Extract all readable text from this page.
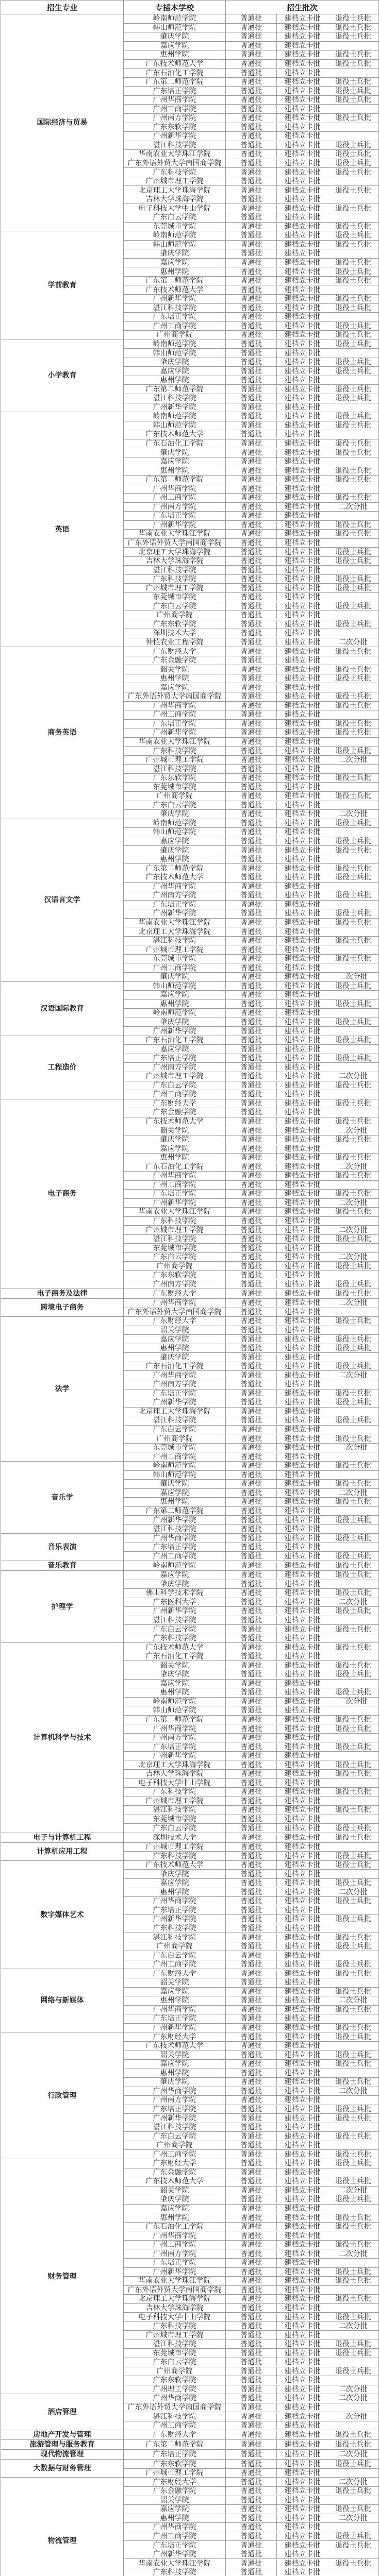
招生专业	专插本学校	招生批次
国际经济与贸易	岭南师范学院	普通批 建档立卡批 退役士兵批

	韩山师范学院	普通批 建档立卡批 退役士兵批

	肇庆学院	普通批 建档立卡批 退役士兵批

	嘉应学院	普通批 建档立卡批

	惠州学院	普通批 建档立卡批 退役士兵批

	广东技术师范大学	普通批 建档立卡批 退役士兵批

	广东石油化工学院	普通批 建档立卡批

	广东第二师范学院	普通批 建档立卡批 退役士兵批

	广东培正学院	普通批 建档立卡批 退役士兵批

	广州华商学院	普通批 建档立卡批 退役士兵批

	广州工商学院	普通批 建档立卡批

	广州南方学院	普通批 建档立卡批 退役士兵批

	广东东软学院	普通批 建档立卡批

	广州新华学院	普通批 建档立卡批

	湛江科技学院	普通批 建档立卡批 退役士兵批

	华南农业大学珠江学院	普通批 建档立卡批 退役士兵批

	广东外语外贸大学南国商学院	普通批 建档立卡批 退役士兵批

	广东科技学院	普通批 建档立卡批 退役士兵批

	广州城市理工学院	普通批 建档立卡批

	北京理工大学珠海学院	普通批 建档立卡批 退役士兵批

	吉林大学珠海学院	普通批 建档立卡批

	电子科技大学中山学院	普通批 建档立卡批 退役士兵批

	广东白云学院	普通批 建档立卡批

	东莞城市学院	普通批 建档立卡批 退役士兵批

学前教育	岭南师范学院	普通批 建档立卡批 退役士兵批

	韩山师范学院	普通批 建档立卡批 退役士兵批

	肇庆学院	普通批 建档立卡批

	嘉应学院	普通批 建档立卡批 退役士兵批

	惠州学院	普通批 建档立卡批 退役士兵批

	广东第二师范学院	普通批 建档立卡批 退役士兵批

	广东技术师范大学	普通批 建档立卡批

	广州新华学院	普通批 建档立卡批 退役士兵批

	湛江科技学院	普通批 建档立卡批 退役士兵批

	广东培正学院	普通批 建档立卡批

	广州工商学院	普通批 建档立卡批 退役士兵批

	广州商学院	普通批 建档立卡批 退役士兵批

小学教育	岭南师范学院	普通批 建档立卡批 退役士兵批

	韩山师范学院	普通批 建档立卡批

	肇庆学院	普通批 建档立卡批 退役士兵批

	嘉应学院	普通批 建档立卡批 退役士兵批

	惠州学院	普通批 建档立卡批

	广东第二师范学院	普通批 建档立卡批 退役士兵批

	湛江科技学院	普通批 建档立卡批 退役士兵批

	广州新华学院	普通批 建档立卡批

英语	岭南师范学院	普通批 建档立卡批 退役士兵批

	韩山师范学院	普通批 建档立卡批 退役士兵批

	广东技术师范大学	普通批 建档立卡批

	广东石油化工学院	普通批 建档立卡批 退役士兵批

	肇庆学院	普通批 建档立卡批 退役士兵批

	嘉应学院	普通批 建档立卡批

	惠州学院	普通批 建档立卡批 退役士兵批

	广东第二师范学院	普通批 建档立卡批 退役士兵批

	广州华商学院	普通批 建档立卡批

	广州工商学院	普通批 建档立卡批 退役士兵批

	广州南方学院	普通批 建档立卡批 二次分批

	广东培正学院	普通批 建档立卡批

	广州新华学院	普通批 建档立卡批 退役士兵批

	华南农业大学珠江学院	普通批 建档立卡批 退役士兵批

	广东外语外贸大学南国商学院	普通批 建档立卡批

	北京理工大学珠海学院	普通批 建档立卡批 退役士兵批

	吉林大学珠海学院	普通批 建档立卡批 退役士兵批

	湛江科技学院	普通批 建档立卡批

	广东科技学院	普通批 建档立卡批 退役士兵批

	广州城市理工学院	普通批 建档立卡批 退役士兵批

	东莞城市学院	普通批 建档立卡批

	广东白云学院	普通批 建档立卡批 退役士兵批

	广州商学院	普通批 建档立卡批

	广东东软学院	普通批 建档立卡批 退役士兵批

	深圳技术大学	普通批 建档立卡批

	仲恺农业工程学院	普通批 建档立卡批 二次分批

商务英语	广东财经大学	普通批 建档立卡批 退役士兵批

	广东金融学院	普通批 建档立卡批

	韶关学院	普通批 建档立卡批 退役士兵批

	惠州学院	普通批 建档立卡批 退役士兵批

	嘉应学院	普通批 建档立卡批

	广东外语外贸大学南国商学院	普通批 建档立卡批 退役士兵批

	广州华商学院	普通批 建档立卡批 退役士兵批

	广州工商学院	普通批 建档立卡批

	广东培正学院	普通批 建档立卡批 退役士兵批

	广州新华学院	普通批 建档立卡批 退役士兵批

	华南农业大学珠江学院	普通批 建档立卡批

	广东科技学院	普通批 建档立卡批 退役士兵批

	广州城市理工学院	普通批 建档立卡批 二次分批

	湛江科技学院	普通批 建档立卡批

	广东东软学院	普通批 建档立卡批 退役士兵批

	东莞城市学院	普通批 建档立卡批

	广州商学院	普通批 建档立卡批 退役士兵批

	广东白云学院	普通批 建档立卡批

	肇庆学院	普通批 建档立卡批 二次分批

汉语言文学	岭南师范学院	普通批 建档立卡批 退役士兵批

	韩山师范学院	普通批 建档立卡批

	嘉应学院	普通批 建档立卡批 退役士兵批

	肇庆学院	普通批 建档立卡批 退役士兵批

	惠州学院	普通批 建档立卡批

	广东第二师范学院	普通批 建档立卡批 退役士兵批

	广东技术师范大学	普通批 建档立卡批 退役士兵批

	广州华商学院	普通批 建档立卡批

	广州南方学院	普通批 建档立卡批 退役士兵批

	广东培正学院	普通批 建档立卡批

	广州新华学院	普通批 建档立卡批 退役士兵批

	华南农业大学珠江学院	普通批 建档立卡批 退役士兵批

	北京理工大学珠海学院	普通批 建档立卡批

	湛江科技学院	普通批 建档立卡批 退役士兵批

	广州城市理工学院	普通批 建档立卡批

	东莞城市学院	普通批 建档立卡批 退役士兵批

	广州工商学院	普通批 建档立卡批

	肇庆学院	普通批 建档立卡批 二次分批

汉语国际教育	韩山师范学院	普通批 建档立卡批 退役士兵批

	嘉应学院	普通批 建档立卡批

	惠州学院	普通批 建档立卡批 退役士兵批

	岭南师范学院	普通批 建档立卡批

	肇庆学院	普通批 建档立卡批 退役士兵批

	广州新华学院	普通批 建档立卡批

工程造价	广东石油化工学院	普通批 建档立卡批 退役士兵批

	嘉应学院	普通批 建档立卡批

	广东培正学院	普通批 建档立卡批 退役士兵批

	广州南方学院	普通批 建档立卡批

	广州城市理工学院	普通批 建档立卡批 二次分批

	广东白云学院	普通批 建档立卡批 退役士兵批

	广州工商学院	普通批 建档立卡批

电子商务	广东财经大学	普通批 建档立卡批 退役士兵批

	广东金融学院	普通批 建档立卡批

	广东技术师范大学	普通批 建档立卡批 退役士兵批

	韶关学院	普通批 建档立卡批 二次分批

	肇庆学院	普通批 建档立卡批 退役士兵批

	嘉应学院	普通批 建档立卡批

	惠州学院	普通批 建档立卡批 退役士兵批

	广东石油化工学院	普通批 建档立卡批 二次分批

	广州华商学院	普通批 建档立卡批 退役士兵批

	广州工商学院	普通批 建档立卡批

	广东培正学院	普通批 建档立卡批 退役士兵批

	广州新华学院	普通批 建档立卡批 二次分批

	华南农业大学珠江学院	普通批 建档立卡批 退役士兵批

	广东科技学院	普通批 建档立卡批

	广州城市理工学院	普通批 建档立卡批 二次分批

	湛江科技学院	普通批 建档立卡批 退役士兵批

	东莞城市学院	普通批 建档立卡批

	广东白云学院	普通批 建档立卡批 二次分批

	广州商学院	普通批 建档立卡批 退役士兵批

	广东东软学院	普通批 建档立卡批

	广州南方学院	普通批 建档立卡批 退役士兵批

电子商务及法律	广东财经大学	普通批 建档立卡批 退役士兵批

跨境电子商务	广州华商学院	普通批 建档立卡批 二次分批

	广东外语外贸大学南国商学院	普通批 建档立卡批

法学	广东财经大学	普通批 建档立卡批 退役士兵批

	韶关学院	普通批 建档立卡批

	嘉应学院	普通批 建档立卡批 退役士兵批

	惠州学院	普通批 建档立卡批 退役士兵批

	肇庆学院	普通批 建档立卡批

	广东石油化工学院	普通批 建档立卡批 退役士兵批

	广州华商学院	普通批 建档立卡批 二次分批

	广州南方学院	普通批 建档立卡批

	广东培正学院	普通批 建档立卡批 退役士兵批

	广州新华学院	普通批 建档立卡批 退役士兵批

	北京理工大学珠海学院	普通批 建档立卡批

	湛江科技学院	普通批 建档立卡批 退役士兵批

	广东白云学院	普通批 建档立卡批

	广州商学院	普通批 建档立卡批 退役士兵批

	东莞城市学院	普通批 建档立卡批 二次分批

	广州工商学院	普通批 建档立卡批

音乐学	岭南师范学院	普通批 建档立卡批 退役士兵批

	韩山师范学院	普通批 建档立卡批

	肇庆学院	普通批 建档立卡批 退役士兵批

	嘉应学院	普通批 建档立卡批 二次分批

	惠州学院	普通批 建档立卡批 退役士兵批

	广东第二师范学院	普通批 建档立卡批

	广州新华学院	普通批 建档立卡批 退役士兵批

	湛江科技学院	普通批 建档立卡批

音乐表演	广州华商学院	普通批 建档立卡批 退役士兵批

	广东培正学院	普通批 建档立卡批

	广州工商学院	普通批 建档立卡批 退役士兵批

音乐教育	岭南师范学院	普通批 建档立卡批 退役士兵批

护理学	嘉应学院	普通批 建档立卡批 退役士兵批

	肇庆学院	普通批 建档立卡批

	佛山科学技术学院	普通批 建档立卡批 退役士兵批

	广东医科大学	普通批 建档立卡批 二次分批

	广州新华学院	普通批 建档立卡批 退役士兵批

	湛江科技学院	普通批 建档立卡批

	广东白云学院	普通批 建档立卡批 退役士兵批

	广东科技学院	普通批 建档立卡批

计算机科学与技术	广东技术师范大学	普通批 建档立卡批 退役士兵批

	广东石油化工学院	普通批 建档立卡批

	韶关学院	普通批 建档立卡批 退役士兵批

	肇庆学院	普通批 建档立卡批 退役士兵批

	嘉应学院	普通批 建档立卡批

	惠州学院	普通批 建档立卡批 退役士兵批

	岭南师范学院	普通批 建档立卡批 二次分批

	韩山师范学院	普通批 建档立卡批

	广东第二师范学院	普通批 建档立卡批 退役士兵批

	广州华商学院	普通批 建档立卡批 退役士兵批

	广州南方学院	普通批 建档立卡批

	广东培正学院	普通批 建档立卡批 退役士兵批

	广州新华学院	普通批 建档立卡批

	北京理工大学珠海学院	普通批 建档立卡批 退役士兵批

	吉林大学珠海学院	普通批 建档立卡批 退役士兵批

	电子科技大学中山学院	普通批 建档立卡批

	广东科技学院	普通批 建档立卡批 退役士兵批

	广州城市理工学院	普通批 建档立卡批

	湛江科技学院	普通批 建档立卡批 退役士兵批

	东莞城市学院	普通批 建档立卡批

	广东白云学院	普通批 建档立卡批 退役士兵批

电子与计算机工程	深圳技术大学	普通批 建档立卡批 退役士兵批

计算机应用工程	广州城市理工学院	普通批 建档立卡批

	广东科技学院	普通批 建档立卡批 退役士兵批

数字媒体艺术	广东技术师范大学	普通批 建档立卡批 退役士兵批

	肇庆学院	普通批 建档立卡批

	嘉应学院	普通批 建档立卡批 退役士兵批

	惠州学院	普通批 建档立卡批 二次分批

	广州华商学院	普通批 建档立卡批 退役士兵批

	广东培正学院	普通批 建档立卡批

	广州新华学院	普通批 建档立卡批 退役士兵批

	广东科技学院	普通批 建档立卡批

	湛江科技学院	普通批 建档立卡批 退役士兵批

	广州商学院	普通批 建档立卡批 退役士兵批

	广东白云学院	普通批 建档立卡批

	广州工商学院	普通批 建档立卡批 退役士兵批

网络与新媒体	广东财经大学	普通批 建档立卡批 退役士兵批

	韶关学院	普通批 建档立卡批

	嘉应学院	普通批 建档立卡批 退役士兵批

	惠州学院	普通批 建档立卡批 二次分批

	广州华商学院	普通批 建档立卡批 退役士兵批

	广东培正学院	普通批 建档立卡批

	广州新华学院	普通批 建档立卡批 退役士兵批

行政管理	广东财经大学	普通批 建档立卡批 退役士兵批

	广东技术师范大学	普通批 建档立卡批

	韶关学院	普通批 建档立卡批 退役士兵批

	嘉应学院	普通批 建档立卡批 退役士兵批

	惠州学院	普通批 建档立卡批

	肇庆学院	普通批 建档立卡批 退役士兵批

	广州华商学院	普通批 建档立卡批 二次分批

	广州南方学院	普通批 建档立卡批

	广东培正学院	普通批 建档立卡批 退役士兵批

	广州新华学院	普通批 建档立卡批 退役士兵批

	湛江科技学院	普通批 建档立卡批

	广东白云学院	普通批 建档立卡批 退役士兵批

	广州商学院	普通批 建档立卡批

	广州工商学院	普通批 建档立卡批 退役士兵批

财务管理	广东财经大学	普通批 建档立卡批 退役士兵批

	广东金融学院	普通批 建档立卡批

	广东技术师范大学	普通批 建档立卡批 退役士兵批

	韶关学院	普通批 建档立卡批 二次分批

	肇庆学院	普通批 建档立卡批 退役士兵批

	嘉应学院	普通批 建档立卡批

	惠州学院	普通批 建档立卡批 退役士兵批

	广东石油化工学院	普通批 建档立卡批 退役士兵批

	广州华商学院	普通批 建档立卡批

	广州工商学院	普通批 建档立卡批 退役士兵批

	广州南方学院	普通批 建档立卡批 二次分批

	广东培正学院	普通批 建档立卡批

	广州新华学院	普通批 建档立卡批 退役士兵批

	华南农业大学珠江学院	普通批 建档立卡批 退役士兵批

	广东外语外贸大学南国商学院	普通批 建档立卡批

	北京理工大学珠海学院	普通批 建档立卡批 退役士兵批

	吉林大学珠海学院	普通批 建档立卡批

	电子科技大学中山学院	普通批 建档立卡批 退役士兵批

	广东科技学院	普通批 建档立卡批 二次分批

	广州城市理工学院	普通批 建档立卡批

	湛江科技学院	普通批 建档立卡批 退役士兵批

	东莞城市学院	普通批 建档立卡批 退役士兵批

	广东白云学院	普通批 建档立卡批

	广州商学院	普通批 建档立卡批 退役士兵批

	广东东软学院	普通批 建档立卡批

	广州理工学院	普通批 建档立卡批 二次分批

酒店管理	广州华商学院	普通批 建档立卡批 二次分批

	广东外语外贸大学南国商学院	普通批 建档立卡批

	湛江科技学院	普通批 建档立卡批 二次分批

	广州工商学院	普通批 建档立卡批

房地产开发与管理	广东财经大学	普通批 建档立卡批 退役士兵批

旅游管理与服务教育	广东第二师范学院	普通批 建档立卡批 退役士兵批

现代物流管理	广东培正学院	普通批 建档立卡批 二次分批

大数据与财务管理	广东东软学院	普通批 建档立卡批 退役士兵批

	广州城市理工学院	普通批 建档立卡批

物流管理	广东财经大学	普通批 建档立卡批 二次分批

	广东金融学院	普通批 建档立卡批 退役士兵批

	韶关学院	普通批 建档立卡批

	嘉应学院	普通批 建档立卡批 退役士兵批

	惠州学院	普通批 建档立卡批 二次分批

	广州华商学院	普通批 建档立卡批

	广州工商学院	普通批 建档立卡批 退役士兵批

	广东培正学院	普通批 建档立卡批 退役士兵批

	广州新华学院	普通批 建档立卡批

	华南农业大学珠江学院	普通批 建档立卡批 退役士兵批

	广东科技学院	普通批 建档立卡批
